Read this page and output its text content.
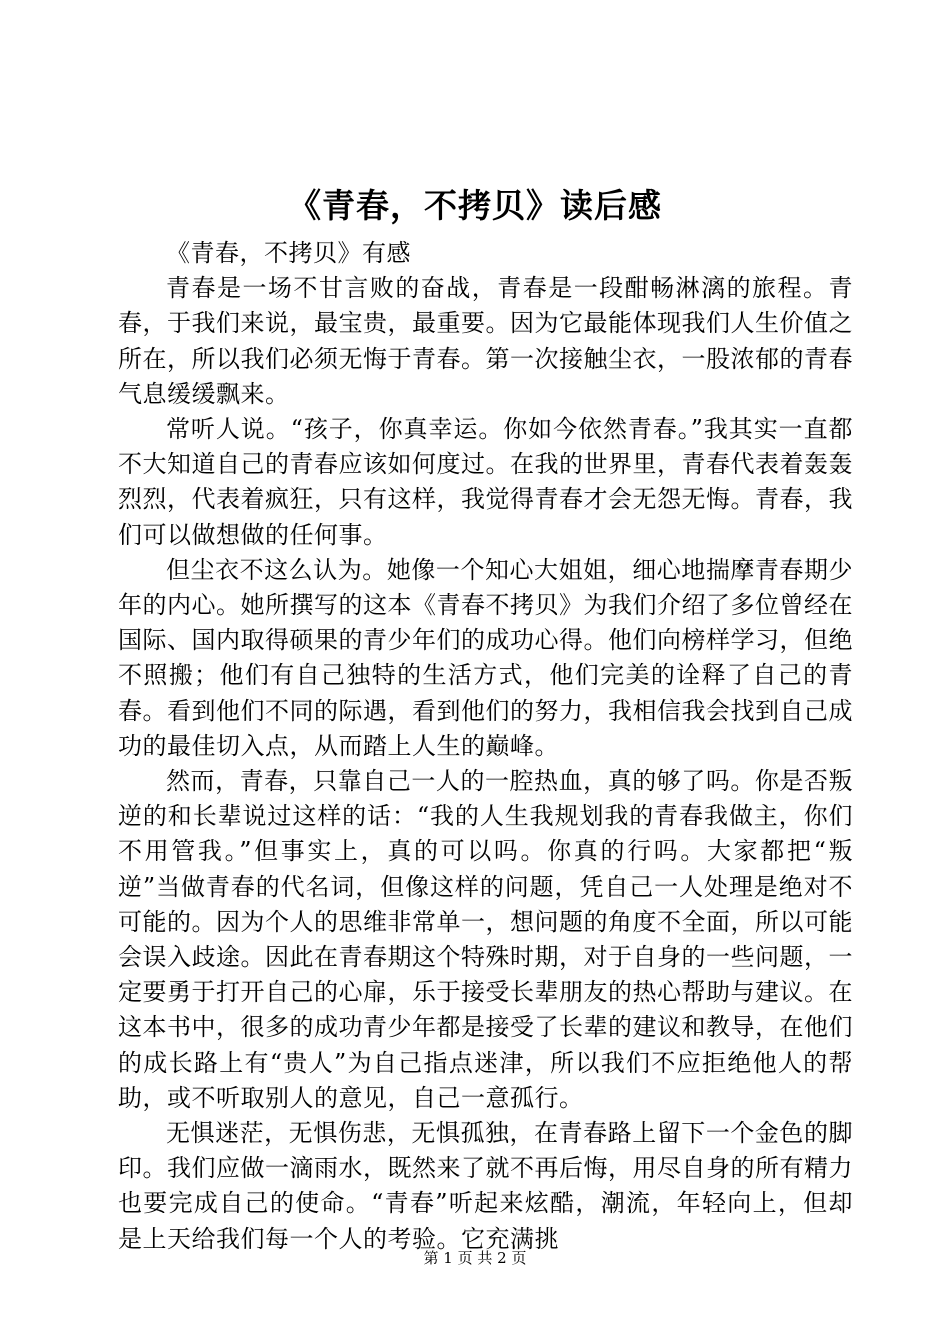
《青春，不拷贝》读后感

《青春，不拷贝》有感

青春是一场不甘言败的奋战，青春是一段酣畅淋漓的旅程。青春，于我们来说，最宝贵，最重要。因为它最能体现我们人生价值之所在，所以我们必须无悔于青春。第一次接触尘衣，一股浓郁的青春气息缓缓飘来。

常听人说。“孩子，你真幸运。你如今依然青春。”我其实一直都不大知道自己的青春应该如何度过。在我的世界里，青春代表着轰轰烈烈，代表着疯狂，只有这样，我觉得青春才会无怨无悔。青春，我们可以做想做的任何事。

但尘衣不这么认为。她像一个知心大姐姐，细心地揣摩青春期少年的内心。她所撰写的这本《青春不拷贝》为我们介绍了多位曾经在国际、国内取得硕果的青少年们的成功心得。他们向榜样学习，但绝不照搬；他们有自己独特的生活方式，他们完美的诠释了自己的青春。看到他们不同的际遇，看到他们的努力，我相信我会找到自己成功的最佳切入点，从而踏上人生的巅峰。

然而，青春，只靠自己一人的一腔热血，真的够了吗。你是否叛逆的和长辈说过这样的话：“我的人生我规划我的青春我做主，你们不用管我。”但事实上，真的可以吗。你真的行吗。大家都把“叛逆”当做青春的代名词，但像这样的问题，凭自己一人处理是绝对不可能的。因为个人的思维非常单一，想问题的角度不全面，所以可能会误入歧途。因此在青春期这个特殊时期，对于自身的一些问题，一定要勇于打开自己的心扉，乐于接受长辈朋友的热心帮助与建议。在这本书中，很多的成功青少年都是接受了长辈的建议和教导，在他们的成长路上有“贵人”为自己指点迷津，所以我们不应拒绝他人的帮助，或不听取别人的意见，自己一意孤行。

无惧迷茫，无惧伤悲，无惧孤独，在青春路上留下一个金色的脚印。我们应做一滴雨水，既然来了就不再后悔，用尽自身的所有精力也要完成自己的使命。“青春”听起来炫酷，潮流，年轻向上，但却是上天给我们每一个人的考验。它充满挑

第 1 页 共 2 页
